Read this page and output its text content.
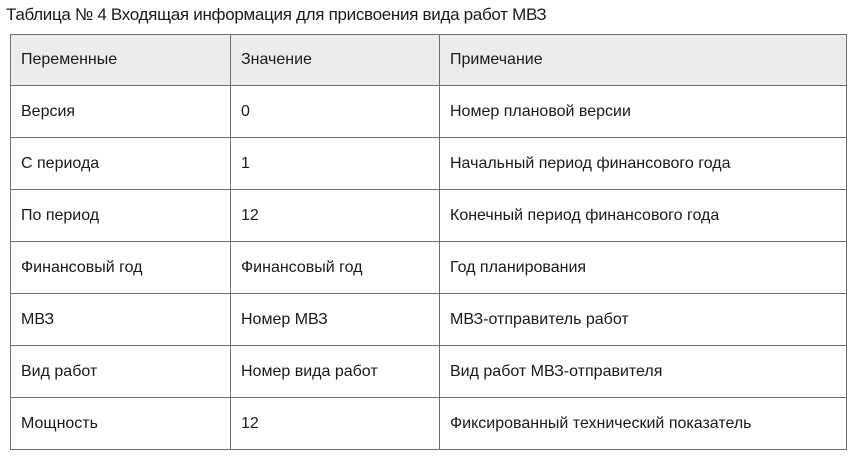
Таблица № 4 Входящая информация для присвоения вида работ МВЗ
Переменные	Значение	Примечание
Версия	0	Номер плановой версии
С периода	1	Начальный период финансового года
По период	12	Конечный период финансового года
Финансовый год	Финансовый год	Год планирования
МВЗ	Номер МВЗ	МВЗ-отправитель работ
Вид работ	Номер вида работ	Вид работ МВЗ-отправителя
Мощность	12	Фиксированный технический показатель
